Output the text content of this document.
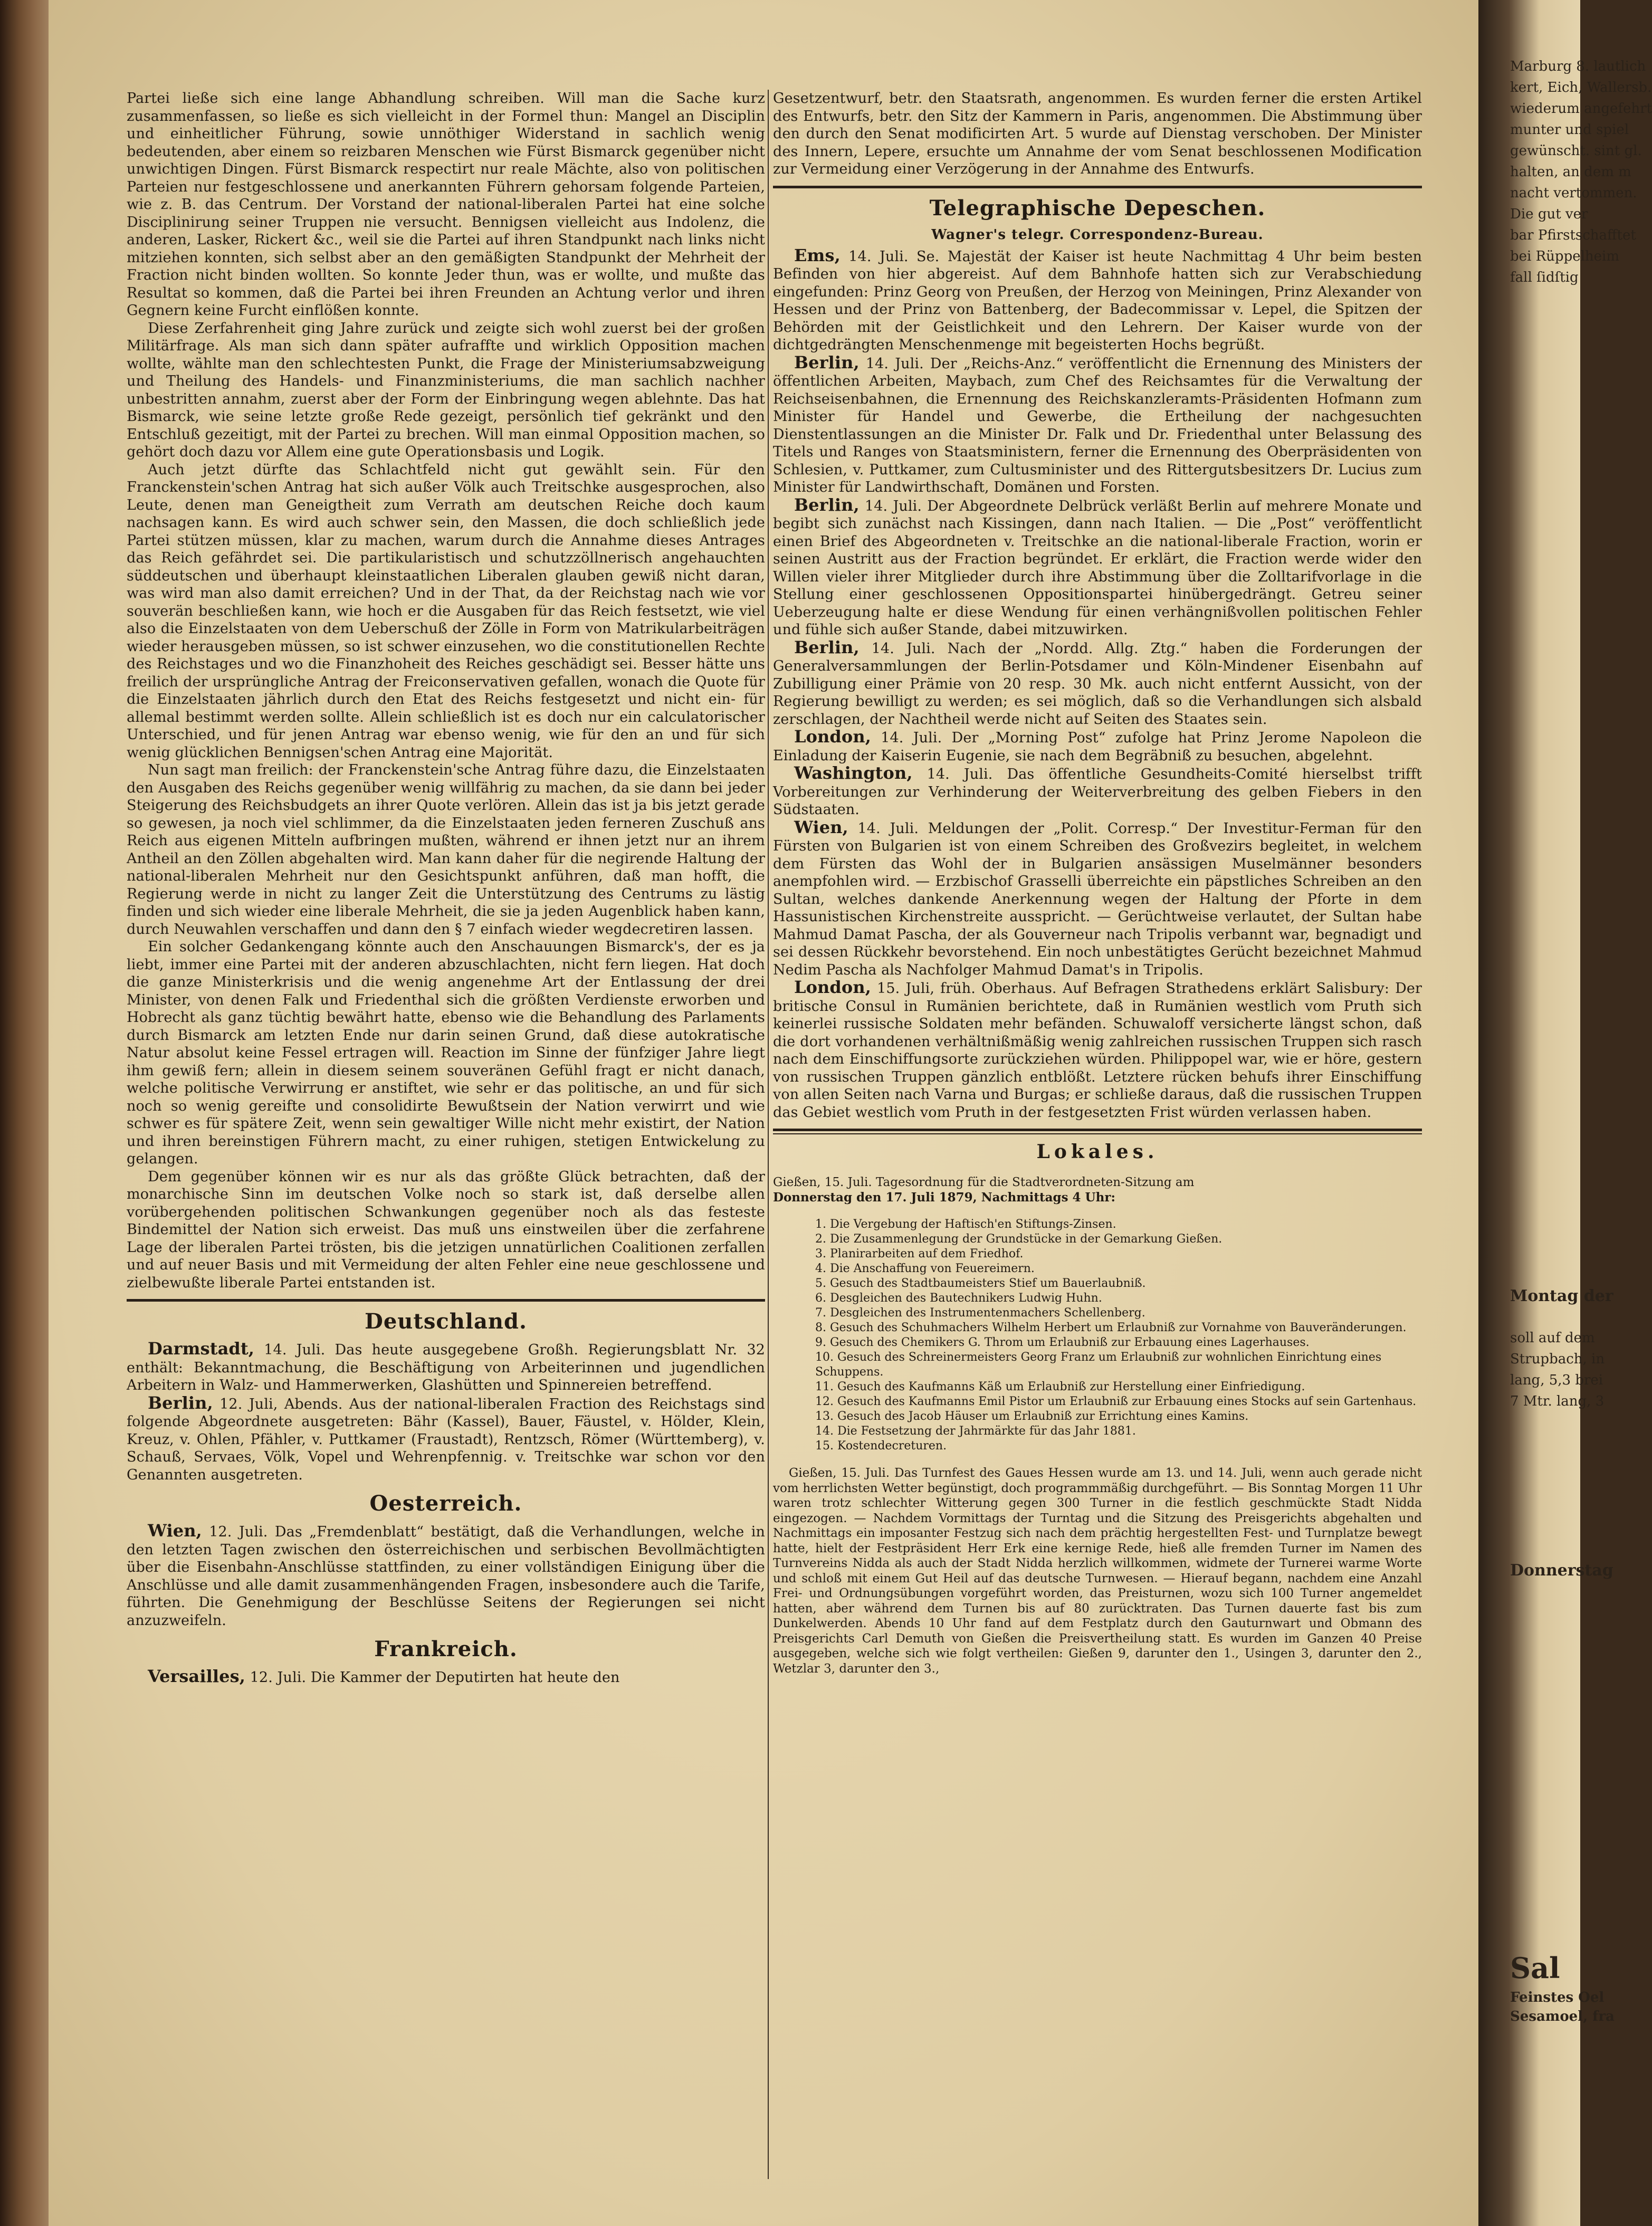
Partei ließe sich eine lange Abhandlung schreiben. Will man die Sache kurz zusammenfassen, so ließe es sich vielleicht in der Formel thun: Mangel an Disciplin und einheitlicher Führung, sowie unnöthiger Widerstand in sachlich wenig bedeutenden, aber einem so reizbaren Menschen wie Fürst Bismarck gegenüber nicht unwichtigen Dingen. Fürst Bismarck respectirt nur reale Mächte, also von politischen Parteien nur festgeschlossene und anerkannten Führern gehorsam folgende Parteien, wie z. B. das Centrum. Der Vorstand der national-liberalen Partei hat eine solche Disciplinirung seiner Truppen nie versucht. Bennigsen vielleicht aus Indolenz, die anderen, Lasker, Rickert &c., weil sie die Partei auf ihren Standpunkt nach links nicht mitziehen konnten, sich selbst aber an den gemäßigten Standpunkt der Mehrheit der Fraction nicht binden wollten. So konnte Jeder thun, was er wollte, und mußte das Resultat so kommen, daß die Partei bei ihren Freunden an Achtung verlor und ihren Gegnern keine Furcht einflößen konnte.

Diese Zerfahrenheit ging Jahre zurück und zeigte sich wohl zuerst bei der großen Militärfrage. Als man sich dann später aufraffte und wirklich Opposition machen wollte, wählte man den schlechtesten Punkt, die Frage der Ministeriumsabzweigung und Theilung des Handels- und Finanzministeriums, die man sachlich nachher unbestritten annahm, zuerst aber der Form der Einbringung wegen ablehnte. Das hat Bismarck, wie seine letzte große Rede gezeigt, persönlich tief gekränkt und den Entschluß gezeitigt, mit der Partei zu brechen. Will man einmal Opposition machen, so gehört doch dazu vor Allem eine gute Operationsbasis und Logik.

Auch jetzt dürfte das Schlachtfeld nicht gut gewählt sein. Für den Franckenstein'schen Antrag hat sich außer Völk auch Treitschke ausgesprochen, also Leute, denen man Geneigtheit zum Verrath am deutschen Reiche doch kaum nachsagen kann. Es wird auch schwer sein, den Massen, die doch schließlich jede Partei stützen müssen, klar zu machen, warum durch die Annahme dieses Antrages das Reich gefährdet sei. Die partikularistisch und schutzzöllnerisch angehauchten süddeutschen und überhaupt kleinstaatlichen Liberalen glauben gewiß nicht daran, was wird man also damit erreichen? Und in der That, da der Reichstag nach wie vor souverän beschließen kann, wie hoch er die Ausgaben für das Reich festsetzt, wie viel also die Einzelstaaten von dem Ueberschuß der Zölle in Form von Matrikularbeiträgen wieder herausgeben müssen, so ist schwer einzusehen, wo die constitutionellen Rechte des Reichstages und wo die Finanzhoheit des Reiches geschädigt sei. Besser hätte uns freilich der ursprüngliche Antrag der Freiconservativen gefallen, wonach die Quote für die Einzelstaaten jährlich durch den Etat des Reichs festgesetzt und nicht ein- für allemal bestimmt werden sollte. Allein schließlich ist es doch nur ein calculatorischer Unterschied, und für jenen Antrag war ebenso wenig, wie für den an und für sich wenig glücklichen Bennigsen'schen Antrag eine Majorität.

Nun sagt man freilich: der Franckenstein'sche Antrag führe dazu, die Einzelstaaten den Ausgaben des Reichs gegenüber wenig willfährig zu machen, da sie dann bei jeder Steigerung des Reichsbudgets an ihrer Quote verlören. Allein das ist ja bis jetzt gerade so gewesen, ja noch viel schlimmer, da die Einzelstaaten jeden ferneren Zuschuß ans Reich aus eigenen Mitteln aufbringen mußten, während er ihnen jetzt nur an ihrem Antheil an den Zöllen abgehalten wird. Man kann daher für die negirende Haltung der national-liberalen Mehrheit nur den Gesichtspunkt anführen, daß man hofft, die Regierung werde in nicht zu langer Zeit die Unterstützung des Centrums zu lästig finden und sich wieder eine liberale Mehrheit, die sie ja jeden Augenblick haben kann, durch Neuwahlen verschaffen und dann den § 7 einfach wieder wegdecretiren lassen.

Ein solcher Gedankengang könnte auch den Anschauungen Bismarck's, der es ja liebt, immer eine Partei mit der anderen abzuschlachten, nicht fern liegen. Hat doch die ganze Ministerkrisis und die wenig angenehme Art der Entlassung der drei Minister, von denen Falk und Friedenthal sich die größten Verdienste erworben und Hobrecht als ganz tüchtig bewährt hatte, ebenso wie die Behandlung des Parlaments durch Bismarck am letzten Ende nur darin seinen Grund, daß diese autokratische Natur absolut keine Fessel ertragen will. Reaction im Sinne der fünfziger Jahre liegt ihm gewiß fern; allein in diesem seinem souveränen Gefühl fragt er nicht danach, welche politische Verwirrung er anstiftet, wie sehr er das politische, an und für sich noch so wenig gereifte und consolidirte Bewußtsein der Nation verwirrt und wie schwer es für spätere Zeit, wenn sein gewaltiger Wille nicht mehr existirt, der Nation und ihren bereinstigen Führern macht, zu einer ruhigen, stetigen Entwickelung zu gelangen.

Dem gegenüber können wir es nur als das größte Glück betrachten, daß der monarchische Sinn im deutschen Volke noch so stark ist, daß derselbe allen vorübergehenden politischen Schwankungen gegenüber noch als das festeste Bindemittel der Nation sich erweist. Das muß uns einstweilen über die zerfahrene Lage der liberalen Partei trösten, bis die jetzigen unnatürlichen Coalitionen zerfallen und auf neuer Basis und mit Vermeidung der alten Fehler eine neue geschlossene und zielbewußte liberale Partei entstanden ist.

Deutschland.

Darmstadt, 14. Juli. Das heute ausgegebene Großh. Regierungsblatt Nr. 32 enthält: Bekanntmachung, die Beschäftigung von Arbeiterinnen und jugendlichen Arbeitern in Walz- und Hammerwerken, Glashütten und Spinnereien betreffend.

Berlin, 12. Juli, Abends. Aus der national-liberalen Fraction des Reichstags sind folgende Abgeordnete ausgetreten: Bähr (Kassel), Bauer, Fäustel, v. Hölder, Klein, Kreuz, v. Ohlen, Pfähler, v. Puttkamer (Fraustadt), Rentzsch, Römer (Württemberg), v. Schauß, Servaes, Völk, Vopel und Wehrenpfennig. v. Treitschke war schon vor den Genannten ausgetreten.

Oesterreich.

Wien, 12. Juli. Das „Fremdenblatt“ bestätigt, daß die Verhandlungen, welche in den letzten Tagen zwischen den österreichischen und serbischen Bevollmächtigten über die Eisenbahn-Anschlüsse stattfinden, zu einer vollständigen Einigung über die Anschlüsse und alle damit zusammenhängenden Fragen, insbesondere auch die Tarife, führten. Die Genehmigung der Beschlüsse Seitens der Regierungen sei nicht anzuzweifeln.

Frankreich.

Versailles, 12. Juli. Die Kammer der Deputirten hat heute den

Gesetzentwurf, betr. den Staatsrath, angenommen. Es wurden ferner die ersten Artikel des Entwurfs, betr. den Sitz der Kammern in Paris, angenommen. Die Abstimmung über den durch den Senat modificirten Art. 5 wurde auf Dienstag verschoben. Der Minister des Innern, Lepere, ersuchte um Annahme der vom Senat beschlossenen Modification zur Vermeidung einer Verzögerung in der Annahme des Entwurfs.

Telegraphische Depeschen.
Wagner's telegr. Correspondenz-Bureau.

Ems, 14. Juli. Se. Majestät der Kaiser ist heute Nachmittag 4 Uhr beim besten Befinden von hier abgereist. Auf dem Bahnhofe hatten sich zur Verabschiedung eingefunden: Prinz Georg von Preußen, der Herzog von Meiningen, Prinz Alexander von Hessen und der Prinz von Battenberg, der Badecommissar v. Lepel, die Spitzen der Behörden mit der Geistlichkeit und den Lehrern. Der Kaiser wurde von der dichtgedrängten Menschenmenge mit begeisterten Hochs begrüßt.

Berlin, 14. Juli. Der „Reichs-Anz.“ veröffentlicht die Ernennung des Ministers der öffentlichen Arbeiten, Maybach, zum Chef des Reichsamtes für die Verwaltung der Reichseisenbahnen, die Ernennung des Reichskanzleramts-Präsidenten Hofmann zum Minister für Handel und Gewerbe, die Ertheilung der nachgesuchten Dienstentlassungen an die Minister Dr. Falk und Dr. Friedenthal unter Belassung des Titels und Ranges von Staatsministern, ferner die Ernennung des Oberpräsidenten von Schlesien, v. Puttkamer, zum Cultusminister und des Rittergutsbesitzers Dr. Lucius zum Minister für Landwirthschaft, Domänen und Forsten.

Berlin, 14. Juli. Der Abgeordnete Delbrück verläßt Berlin auf mehrere Monate und begibt sich zunächst nach Kissingen, dann nach Italien. — Die „Post“ veröffentlicht einen Brief des Abgeordneten v. Treitschke an die national-liberale Fraction, worin er seinen Austritt aus der Fraction begründet. Er erklärt, die Fraction werde wider den Willen vieler ihrer Mitglieder durch ihre Abstimmung über die Zolltarifvorlage in die Stellung einer geschlossenen Oppositionspartei hinübergedrängt. Getreu seiner Ueberzeugung halte er diese Wendung für einen verhängnißvollen politischen Fehler und fühle sich außer Stande, dabei mitzuwirken.

Berlin, 14. Juli. Nach der „Nordd. Allg. Ztg.“ haben die Forderungen der Generalversammlungen der Berlin-Potsdamer und Köln-Mindener Eisenbahn auf Zubilligung einer Prämie von 20 resp. 30 Mk. auch nicht entfernt Aussicht, von der Regierung bewilligt zu werden; es sei möglich, daß so die Verhandlungen sich alsbald zerschlagen, der Nachtheil werde nicht auf Seiten des Staates sein.

London, 14. Juli. Der „Morning Post“ zufolge hat Prinz Jerome Napoleon die Einladung der Kaiserin Eugenie, sie nach dem Begräbniß zu besuchen, abgelehnt.

Washington, 14. Juli. Das öffentliche Gesundheits-Comité hierselbst trifft Vorbereitungen zur Verhinderung der Weiterverbreitung des gelben Fiebers in den Südstaaten.

Wien, 14. Juli. Meldungen der „Polit. Corresp.“ Der Investitur-Ferman für den Fürsten von Bulgarien ist von einem Schreiben des Großvezirs begleitet, in welchem dem Fürsten das Wohl der in Bulgarien ansässigen Muselmänner besonders anempfohlen wird. — Erzbischof Grasselli überreichte ein päpstliches Schreiben an den Sultan, welches dankende Anerkennung wegen der Haltung der Pforte in dem Hassunistischen Kirchenstreite ausspricht. — Gerüchtweise verlautet, der Sultan habe Mahmud Damat Pascha, der als Gouverneur nach Tripolis verbannt war, begnadigt und sei dessen Rückkehr bevorstehend. Ein noch unbestätigtes Gerücht bezeichnet Mahmud Nedim Pascha als Nachfolger Mahmud Damat's in Tripolis.

London, 15. Juli, früh. Oberhaus. Auf Befragen Strathedens erklärt Salisbury: Der britische Consul in Rumänien berichtete, daß in Rumänien westlich vom Pruth sich keinerlei russische Soldaten mehr befänden. Schuwaloff versicherte längst schon, daß die dort vorhandenen verhältnißmäßig wenig zahlreichen russischen Truppen sich rasch nach dem Einschiffungsorte zurückziehen würden. Philippopel war, wie er höre, gestern von russischen Truppen gänzlich entblößt. Letztere rücken behufs ihrer Einschiffung von allen Seiten nach Varna und Burgas; er schließe daraus, daß die russischen Truppen das Gebiet westlich vom Pruth in der festgesetzten Frist würden verlassen haben.

Lokales.

Gießen, 15. Juli. Tagesordnung für die Stadtverordneten-Sitzung am
Donnerstag den 17. Juli 1879, Nachmittags 4 Uhr:

1. Die Vergebung der Haftisch'en Stiftungs-Zinsen.
2. Die Zusammenlegung der Grundstücke in der Gemarkung Gießen.
3. Planirarbeiten auf dem Friedhof.
4. Die Anschaffung von Feuereimern.
5. Gesuch des Stadtbaumeisters Stief um Bauerlaubniß.
6. Desgleichen des Bautechnikers Ludwig Huhn.
7. Desgleichen des Instrumentenmachers Schellenberg.
8. Gesuch des Schuhmachers Wilhelm Herbert um Erlaubniß zur Vornahme von Bauveränderungen.
9. Gesuch des Chemikers G. Throm um Erlaubniß zur Erbauung eines Lagerhauses.
10. Gesuch des Schreinermeisters Georg Franz um Erlaubniß zur wohnlichen Einrichtung eines Schuppens.
11. Gesuch des Kaufmanns Käß um Erlaubniß zur Herstellung einer Einfriedigung.
12. Gesuch des Kaufmanns Emil Pistor um Erlaubniß zur Erbauung eines Stocks auf sein Gartenhaus.
13. Gesuch des Jacob Häuser um Erlaubniß zur Errichtung eines Kamins.
14. Die Festsetzung der Jahrmärkte für das Jahr 1881.
15. Kostendecreturen.

Gießen, 15. Juli. Das Turnfest des Gaues Hessen wurde am 13. und 14. Juli, wenn auch gerade nicht vom herrlichsten Wetter begünstigt, doch programmmäßig durchgeführt. — Bis Sonntag Morgen 11 Uhr waren trotz schlechter Witterung gegen 300 Turner in die festlich geschmückte Stadt Nidda eingezogen. — Nachdem Vormittags der Turntag und die Sitzung des Preisgerichts abgehalten und Nachmittags ein imposanter Festzug sich nach dem prächtig hergestellten Fest- und Turnplatze bewegt hatte, hielt der Festpräsident Herr Erk eine kernige Rede, hieß alle fremden Turner im Namen des Turnvereins Nidda als auch der Stadt Nidda herzlich willkommen, widmete der Turnerei warme Worte und schloß mit einem Gut Heil auf das deutsche Turnwesen. — Hierauf begann, nachdem eine Anzahl Frei- und Ordnungsübungen vorgeführt worden, das Preisturnen, wozu sich 100 Turner angemeldet hatten, aber während dem Turnen bis auf 80 zurücktraten. Das Turnen dauerte fast bis zum Dunkelwerden. Abends 10 Uhr fand auf dem Festplatz durch den Gauturnwart und Obmann des Preisgerichts Carl Demuth von Gießen die Preisvertheilung statt. Es wurden im Ganzen 40 Preise ausgegeben, welche sich wie folgt vertheilen: Gießen 9, darunter den 1., Usingen 3, darunter den 2., Wetzlar 3, darunter den 3.,

Marburg 8. lautlich
kert, Eich, Wallersb.
wiederum angefehrt
munter und spiel
gewünscht. sint gl.
halten, an dem m
nacht vertommen.
Die gut ver
bar Pfirstschafftet
bei Rüppelheim
fall ſidſtig
Montag der
soll auf dem
Strupbach, in
lang, 5,3 brei
7 Mtr. lang, 3
Donnerstag
Sal
Feinstes Oel
Sesamoel, fra
